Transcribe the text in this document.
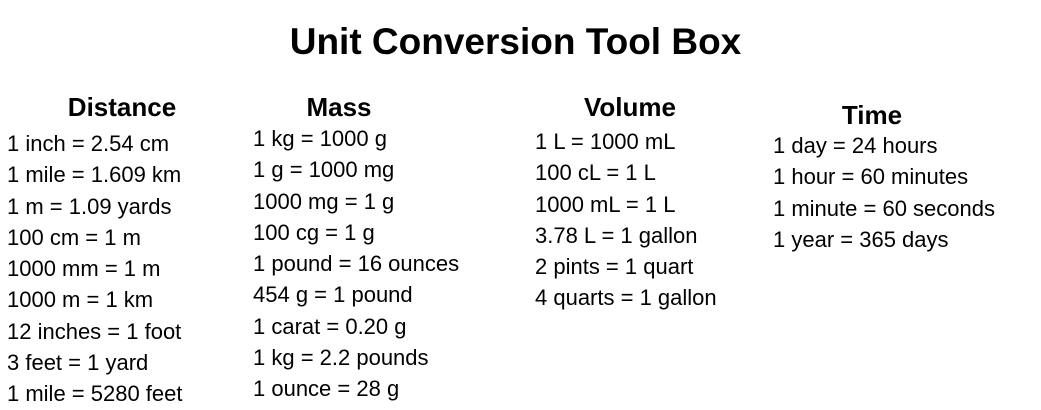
Unit Conversion Tool Box
Distance
1 inch = 2.54 cm
1 mile = 1.609 km
1 m = 1.09 yards
100 cm = 1 m
1000 mm = 1 m
1000 m = 1 km
12 inches = 1 foot
3 feet = 1 yard
1 mile = 5280 feet
Mass
1 kg = 1000 g
1 g = 1000 mg
1000 mg = 1 g
100 cg = 1 g
1 pound = 16 ounces
454 g = 1 pound
1 carat = 0.20 g
1 kg = 2.2 pounds
1 ounce = 28 g
Volume
1 L = 1000 mL
100 cL = 1 L
1000 mL = 1 L
3.78 L = 1 gallon
2 pints = 1 quart
4 quarts = 1 gallon
Time
1 day = 24 hours
1 hour = 60 minutes
1 minute = 60 seconds
1 year = 365 days
